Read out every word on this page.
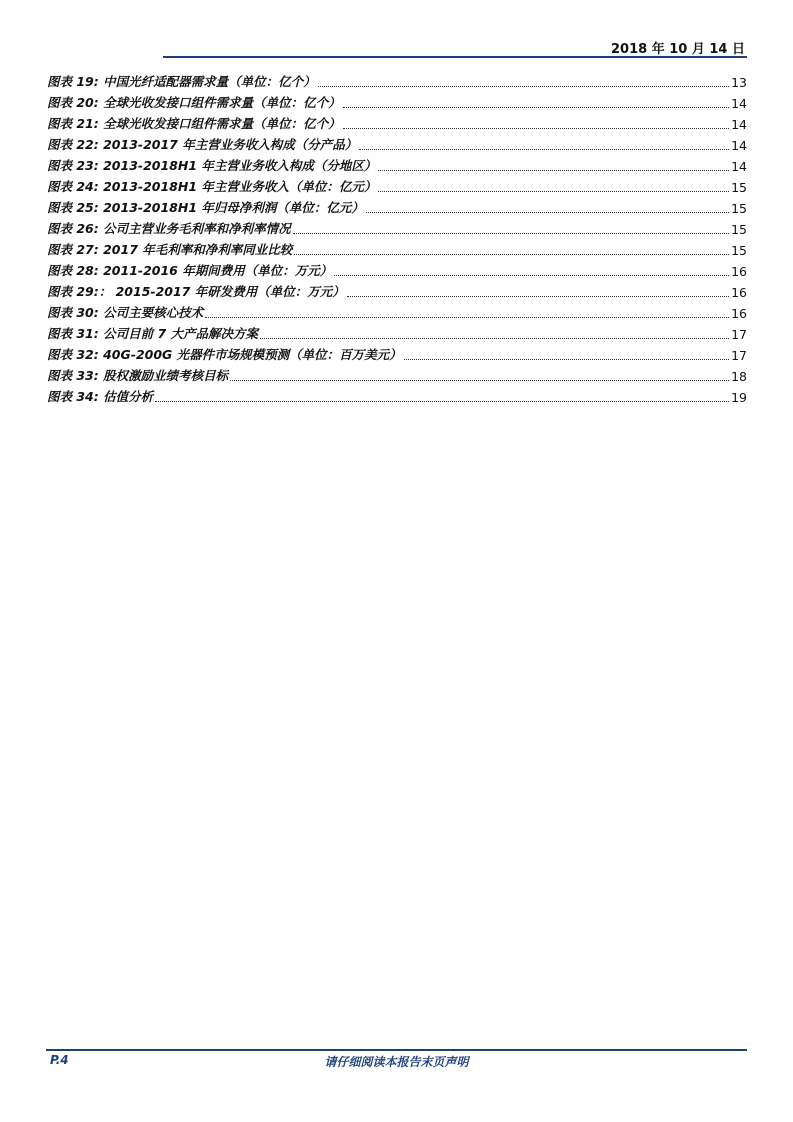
2018 年 10 月 14 日
图表 19: 中国光纤适配器需求量（单位：亿个）	13
图表 20: 全球光收发接口组件需求量（单位：亿个）	14
图表 21: 全球光收发接口组件需求量（单位：亿个）	14
图表 22: 2013-2017 年主营业务收入构成（分产品）	14
图表 23: 2013-2018H1 年主营业务收入构成（分地区）	14
图表 24: 2013-2018H1 年主营业务收入（单位：亿元）	15
图表 25: 2013-2018H1 年归母净利润（单位：亿元）	15
图表 26: 公司主营业务毛利率和净利率情况	15
图表 27: 2017 年毛利率和净利率同业比较	15
图表 28: 2011-2016 年期间费用（单位：万元）	16
图表 29:： 2015-2017 年研发费用（单位：万元）	16
图表 30: 公司主要核心技术	16
图表 31: 公司目前 7 大产品解决方案	17
图表 32: 40G-200G 光器件市场规模预测（单位：百万美元）	17
图表 33: 股权激励业绩考核目标	18
图表 34: 估值分析	19
P.4	请仔细阅读本报告末页声明
